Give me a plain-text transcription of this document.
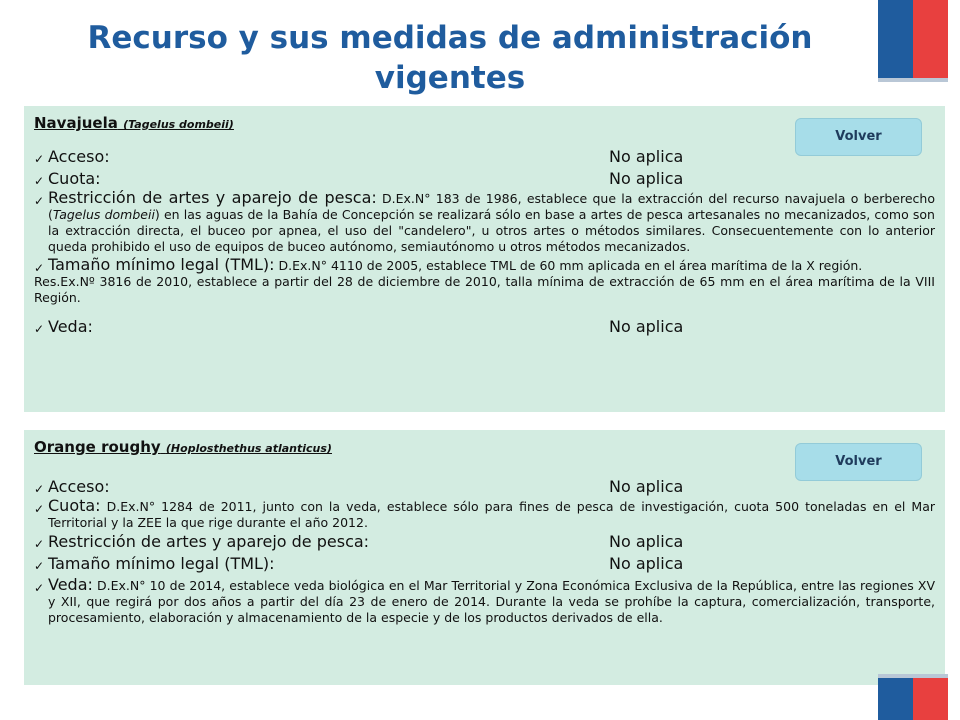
Recurso y sus medidas de administración vigentes
Navajuela (Tagelus dombeii)
Volver
✓ Acceso:	No aplica
✓ Cuota:	No aplica
✓ Restricción de artes y aparejo de pesca: D.Ex.N° 183 de 1986, establece que la extracción del recurso navajuela o berberecho (Tagelus dombeii) en las aguas de la Bahía de Concepción se realizará sólo en base a artes de pesca artesanales no mecanizados, como son la extracción directa, el buceo por apnea, el uso del "candelero", u otros artes o métodos similares. Consecuentemente con lo anterior queda prohibido el uso de equipos de buceo autónomo, semiautónomo u otros métodos mecanizados.
✓ Tamaño mínimo legal (TML): D.Ex.N° 4110 de 2005, establece TML de 60 mm aplicada en el área marítima de la X región.
Res.Ex.Nº 3816 de 2010, establece a partir del 28 de diciembre de 2010, talla mínima de extracción de 65 mm en el área marítima de la VIII Región.
✓ Veda:	No aplica
Orange roughy (Hoplosthethus atlanticus)
Volver
✓ Acceso:	No aplica
✓ Cuota: D.Ex.N° 1284 de 2011, junto con la veda, establece sólo para fines de pesca de investigación, cuota 500 toneladas en el Mar Territorial y la ZEE la que rige durante el año 2012.
✓ Restricción de artes y aparejo de pesca:	No aplica
✓ Tamaño mínimo legal (TML):	No aplica
✓ Veda: D.Ex.N° 10 de 2014, establece veda biológica en el Mar Territorial y Zona Económica Exclusiva de la República, entre las regiones XV y XII, que regirá por dos años a partir del día 23 de enero de 2014. Durante la veda se prohíbe la captura, comercialización, transporte, procesamiento, elaboración y almacenamiento de la especie y de los productos derivados de ella.
